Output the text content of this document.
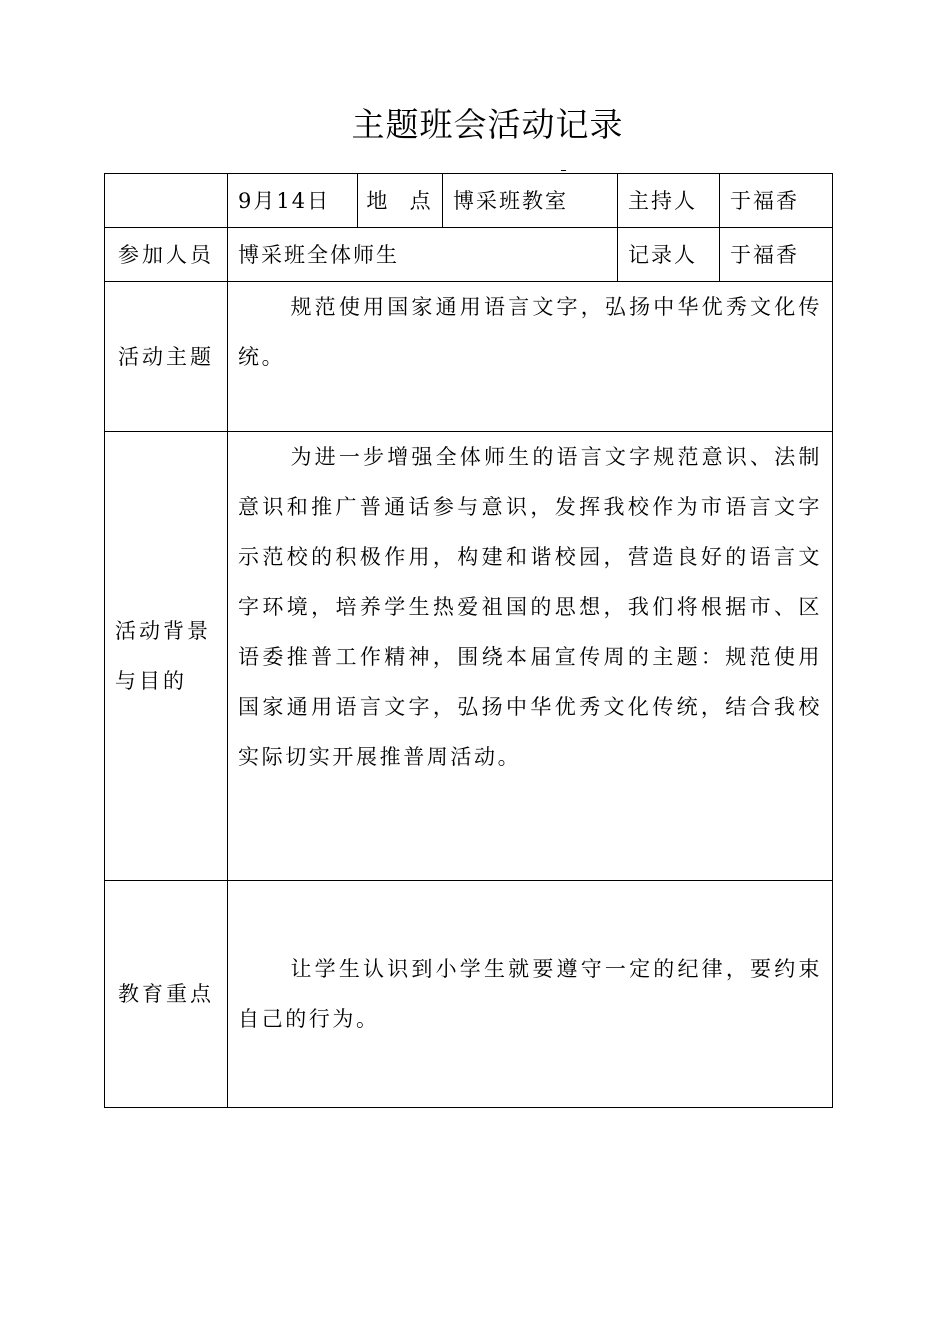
主题班会活动记录
	9月14日	地  点	博采班教室	主持人	于福香
参加人员	博采班全体师生			记录人	于福香
活动主题	规范使用国家通用语言文字，弘扬中华优秀文化传统。				

活动背景
与目的	为进一步增强全体师生的语言文字规范意识、法制意识和推广普通话参与意识，发挥我校作为市语言文字示范校的积极作用，构建和谐校园，营造良好的语言文字环境，培养学生热爱祖国的思想，我们将根据市、区语委推普工作精神，围绕本届宣传周的主题：规范使用国家通用语言文字，弘扬中华优秀文化传统，结合我校实际切实开展推普周活动。				

教育重点	让学生认识到小学生就要遵守一定的纪律，要约束自己的行为。				
